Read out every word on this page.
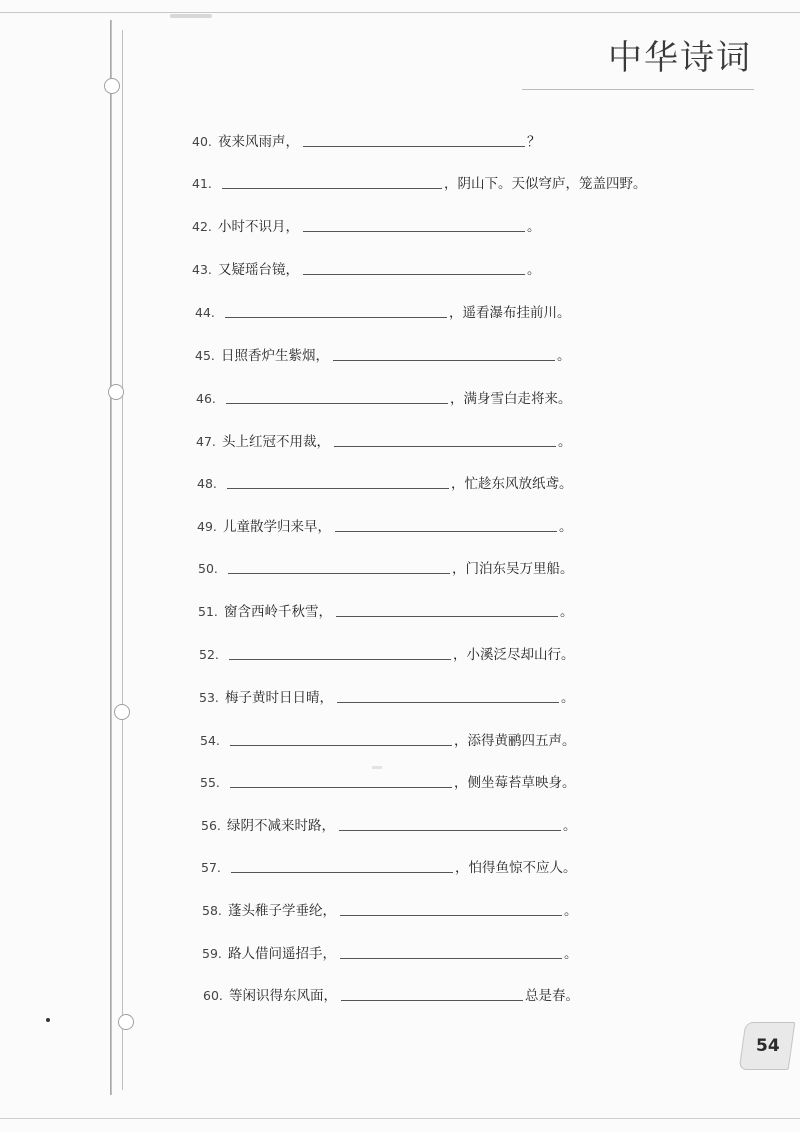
中华诗词
40. 夜来风雨声，	？
41.	，阴山下。天似穹庐，笼盖四野。
42. 小时不识月，	。
43. 又疑瑶台镜，	。
44.	，遥看瀑布挂前川。
45. 日照香炉生紫烟，	。
46.	，满身雪白走将来。
47. 头上红冠不用裁，	。
48.	，忙趁东风放纸鸢。
49. 儿童散学归来早，	。
50.	，门泊东吴万里船。
51. 窗含西岭千秋雪，	。
52.	，小溪泛尽却山行。
53. 梅子黄时日日晴，	。
54.	，添得黄鹂四五声。
55.	，侧坐莓苔草映身。
56. 绿阴不减来时路，	。
57.	，怕得鱼惊不应人。
58. 蓬头稚子学垂纶，	。
59. 路人借问遥招手，	。
60. 等闲识得东风面，	总是春。
54
